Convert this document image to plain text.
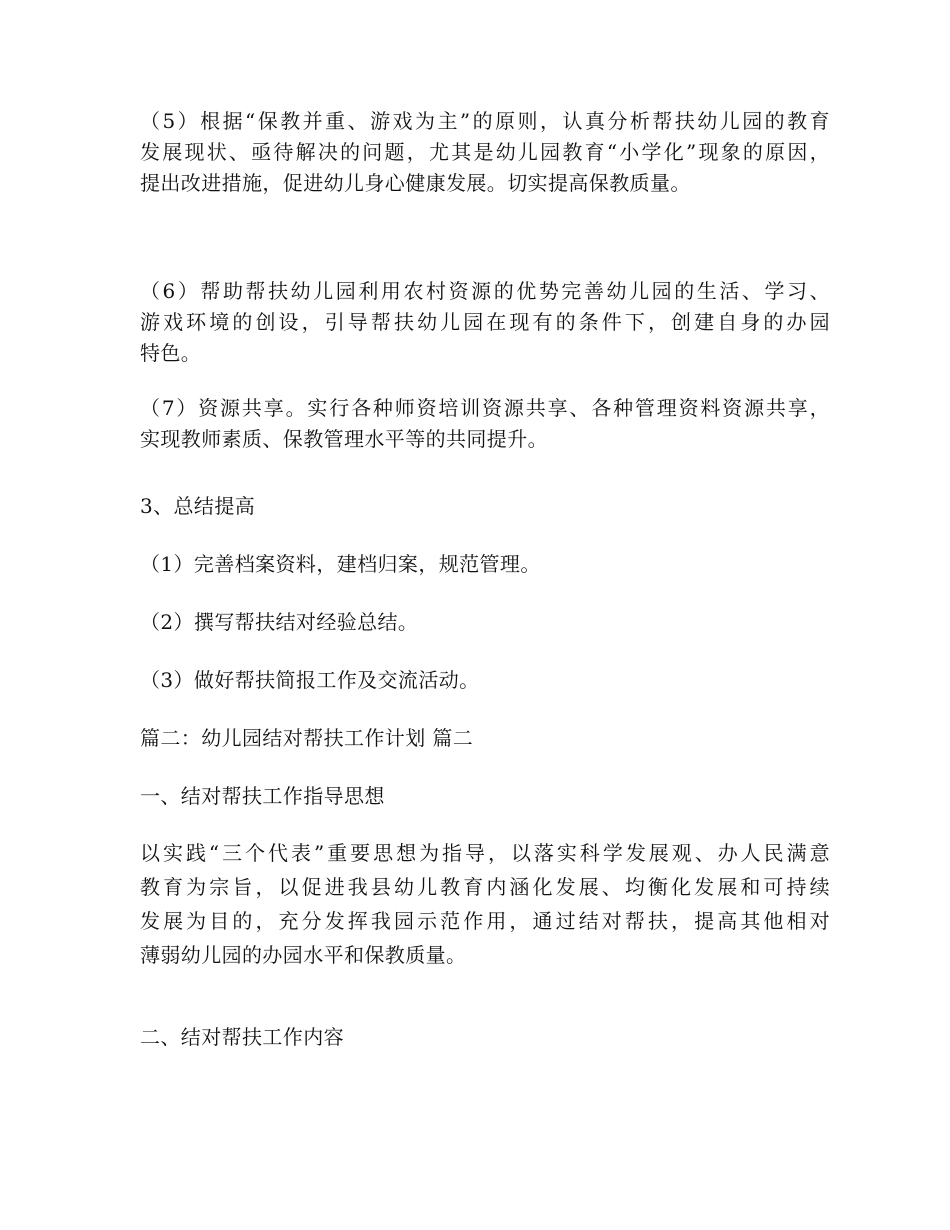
（5）根据“保教并重、游戏为主”的原则，认真分析帮扶幼儿园的教育
发展现状、亟待解决的问题，尤其是幼儿园教育“小学化”现象的原因，
提出改进措施，促进幼儿身心健康发展。切实提高保教质量。

（6）帮助帮扶幼儿园利用农村资源的优势完善幼儿园的生活、学习、
游戏环境的创设，引导帮扶幼儿园在现有的条件下，创建自身的办园
特色。

（7）资源共享。实行各种师资培训资源共享、各种管理资料资源共享，
实现教师素质、保教管理水平等的共同提升。

3、总结提高

（1）完善档案资料，建档归案，规范管理。

（2）撰写帮扶结对经验总结。

（3）做好帮扶简报工作及交流活动。

篇二：幼儿园结对帮扶工作计划 篇二
一、结对帮扶工作指导思想

以实践“三个代表”重要思想为指导，以落实科学发展观、办人民满意
教育为宗旨，以促进我县幼儿教育内涵化发展、均衡化发展和可持续
发展为目的，充分发挥我园示范作用，通过结对帮扶，提高其他相对
薄弱幼儿园的办园水平和保教质量。

二、结对帮扶工作内容
